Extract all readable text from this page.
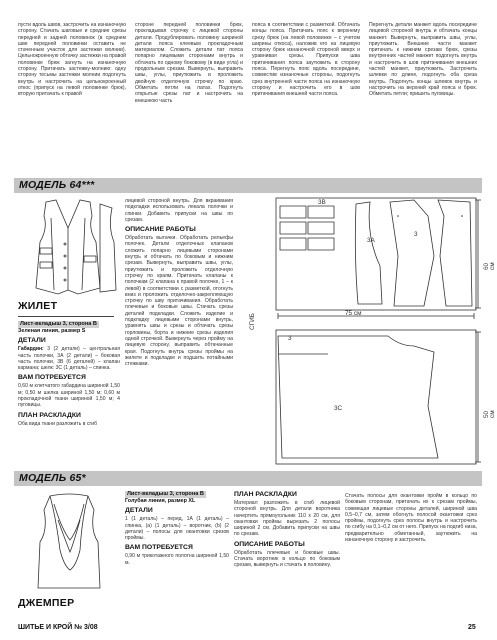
пусти вдоль швов, застрочить на изнаночную сторону. Стачать шаговые и средние срезы передней и задней половинок (в среднем шве передней половинки оставить не стаченным участок для застежки молнии). Цельнокроенную обтачку застежки на правой половинке брюк загнуть на изнаночную сторону. Притачать застежку-молнию: одну сторону тесьмы застежки молнии подогнуть внутрь и настрочить на цельнокроенный откос (припуск на левой половинке брюк), вторую притачать к правой

стороне передней половинки брюк, прокладывая строчку с лицевой стороны детали. Продублировать половину шириной детали пояса клеевым прокладочным материалом. Сложить детали пат пояса попарно лицевыми сторонами внутрь и обтачать по одному боковому (в виде угла) и продольным срезам. Вывернуть, выправить швы, углы, приутюжить и проложить двойную отделочную строчку по краю. Обметать петли на патах. Подогнуть открытые срезы пат и настрочить на внешнюю часть

пояса в соответствии с разметкой. Обтачать концы пояса. Притачать пояс к верхнему срезу брюк (на левой половинке – с учетом ширины откоса), наложив его на лицевую сторону брюк изнаночной стороной вверх и уравнивая срезы. Припуски шва притачивания пояса заутюжить в сторону пояса. Перегнуть пояс вдоль посередине, совместив изнаночные стороны, подогнуть срез внутренней части пояса на изнаночную сторону и настрочить его в шов притачивания внешней части пояса.

Перегнуть детали манжет вдоль посередине лицевой стороной внутрь и обтачать концы манжет. Вывернуть, выправить швы, углы, приутюжить. Внешние части манжет притачать к нижним срезам брюк, срезы внутренних частей манжет подогнуть внутрь и настрочить в шов притачивания внешних частей манжет, приутюжить. Застрочить шлевки по длине, подогнуть оба среза внутрь. Подогнуть концы шлевок внутрь и настрочить на верхний край пояса и брюк. Обметать петли; пришить пуговицы.

МОДЕЛЬ 64***
ЖИЛЕТ
Лист-вкладыш 3, сторона В

Зеленая линия, размер S

ДЕТАЛИ

Габардин: 3 (2 детали) – центральная часть полочки, 3А (2 детали) – боковая часть полочки, 3В (6 деталей) – клапан кармана; шелк: 3С (1 деталь) – спинка.

ВАМ ПОТРЕБУЕТСЯ

0,60 м клетчатого габардина шириной 1,50 м; 0,50 м шелка шириной 1,50 м; 0,60 м прокладочной ткани шириной 1,50 м; 4 пуговицы.

ПЛАН РАСКЛАДКИ

Оба вида ткани разложить в сгиб

лицевой стороной внутрь. Для вкраивания подкладки использовать лекала полочки и спинки. Добавить припуски на швы по срезам.

ОПИСАНИЕ РАБОТЫ

Обработать вытачки. Обработать рельефы полочек. Детали отделочных клапанов сложить попарно лицевыми сторонами внутрь и обтачать по боковым и нижним срезам. Вывернуть, выправить швы, углы, приутюжить и проложить отделочную строчку по краям. Притачать клапаны к полочкам (2 клапана к правой полочке, 1 – к левой) в соответствии с разметкой, отогнуть вниз и проложить отделочно-закрепляющую строчку по шву притачивания. Обработать плечевые и боковые швы. Стачать срезы деталей подкладки. Сложить изделие и подкладку лицевыми сторонами внутрь, уравнять швы и срезы и обтачать срезы горловины, борта и нижние срезы изделия одной строчкой. Вывернуть через пройму на лицевую сторону, выправить обтачанные края. Подогнуть внутрь срезы проймы на жилете и подкладке и подшить потайными стежками.

3В
3А
3
3С
3
75 см
СГИБ
60 см
50 см
МОДЕЛЬ 65*
ДЖЕМПЕР
Лист-вкладыш 3, сторона В

Голубая линия, размер XL

ДЕТАЛИ

1 (1 деталь) – перед, 1А (1 деталь) – спинка, (a) (1 деталь) – воротник, (b) (2 детали) – полосы для окантовки срезов проймы.

ВАМ ПОТРЕБУЕТСЯ

0,90 м трикотажного полотна шириной 1,50 м.

ПЛАН РАСКЛАДКИ

Материал разложить в сгиб лицевой стороной внутрь. Для детали воротника начертить прямоугольник 110 х 20 см, для окантовки проймы вырезать 2 полосы шириной 2 см. Добавить припуски на швы по срезам.

ОПИСАНИЕ РАБОТЫ

Обработать плечевые и боковые швы. Стачать воротник в кольцо по боковым срезам, вывернуть и стачать в половину.

Стачать полосы для окантовки пройм в кольцо по боковым сторонам, притачать их к срезам проймы, совмещая лицевые стороны деталей, шириной шва 0,5–0,7 см, затем обогнуть полосой окантовки срез проймы, подогнуть срез полосы внутрь и настрочить по сгибу на 0,1–0,2 см от него. Припуск на подгиб низа, предварительно обметанный, заутюжить на изнаночную сторону и застрочить.

ШИТЬЕ И КРОЙ № 3/08	25
